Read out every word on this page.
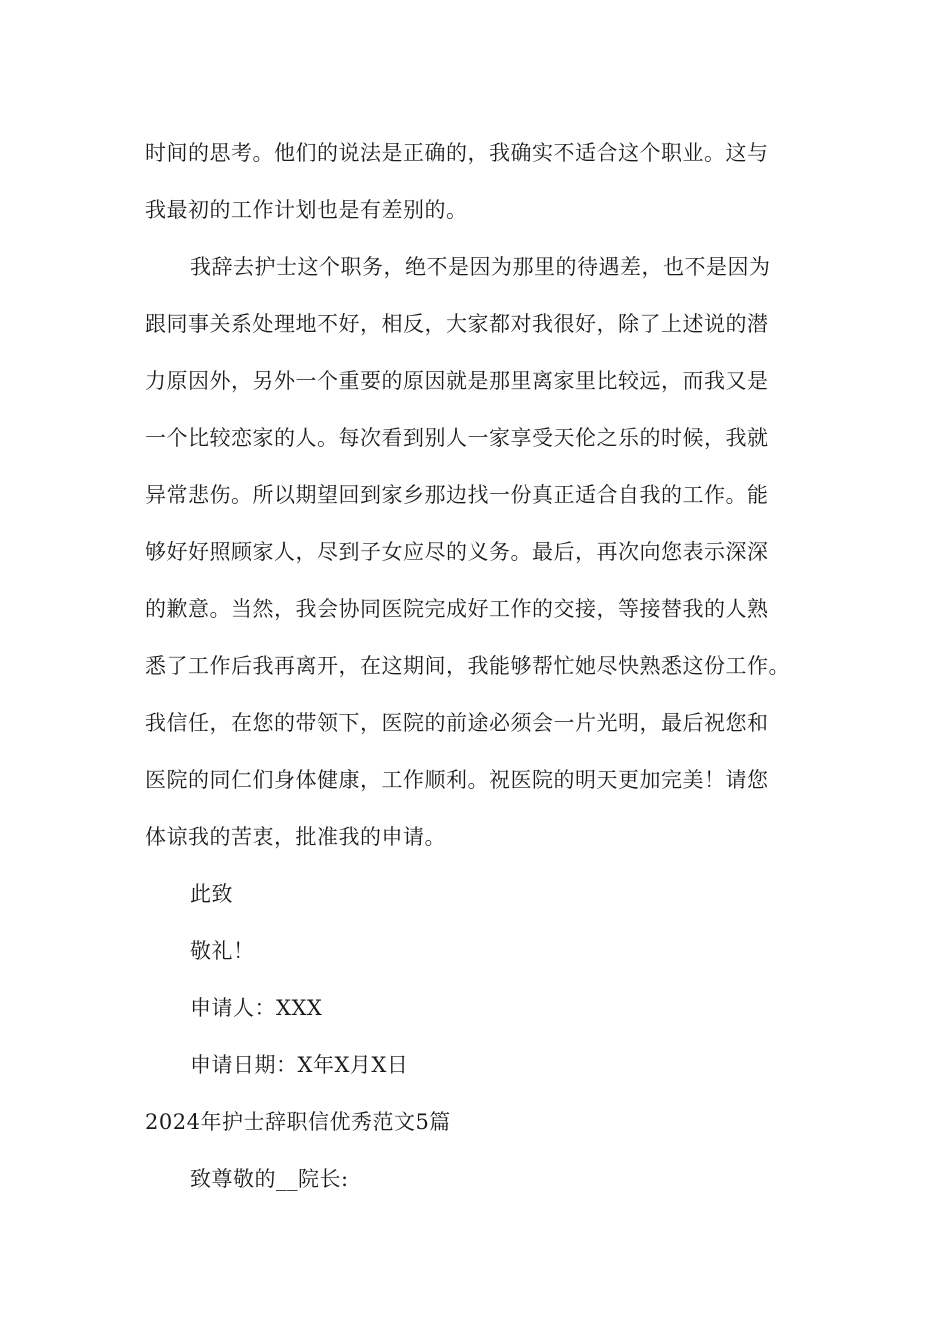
时间的思考。他们的说法是正确的，我确实不适合这个职业。这与
我最初的工作计划也是有差别的。
我辞去护士这个职务，绝不是因为那里的待遇差，也不是因为
跟同事关系处理地不好，相反，大家都对我很好，除了上述说的潜
力原因外，另外一个重要的原因就是那里离家里比较远，而我又是
一个比较恋家的人。每次看到别人一家享受天伦之乐的时候，我就
异常悲伤。所以期望回到家乡那边找一份真正适合自我的工作。能
够好好照顾家人，尽到子女应尽的义务。最后，再次向您表示深深
的歉意。当然，我会协同医院完成好工作的交接，等接替我的人熟
悉了工作后我再离开，在这期间，我能够帮忙她尽快熟悉这份工作。
我信任，在您的带领下，医院的前途必须会一片光明，最后祝您和
医院的同仁们身体健康，工作顺利。祝医院的明天更加完美！请您
体谅我的苦衷，批准我的申请。
此致
敬礼！
申请人：XXX
申请日期：X年X月X日
2024年护士辞职信优秀范文5篇
致尊敬的__院长:
